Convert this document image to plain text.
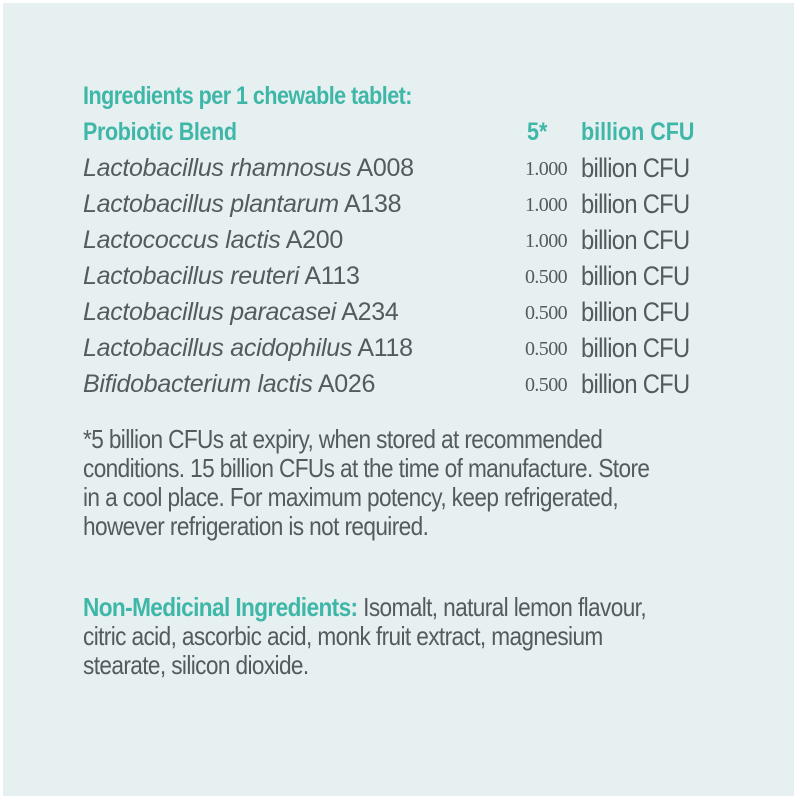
Ingredients per 1 chewable tablet:
Probiotic Blend	5* billion CFU
Lactobacillus rhamnosus A008	1.000 billion CFU
Lactobacillus plantarum A138	1.000 billion CFU
Lactococcus lactis A200	1.000 billion CFU
Lactobacillus reuteri A113	0.500 billion CFU
Lactobacillus paracasei A234	0.500 billion CFU
Lactobacillus acidophilus A118	0.500 billion CFU
Bifidobacterium lactis A026	0.500 billion CFU
*5 billion CFUs at expiry, when stored at recommended
conditions. 15 billion CFUs at the time of manufacture. Store
in a cool place. For maximum potency, keep refrigerated,
however refrigeration is not required.
Non-Medicinal Ingredients: Isomalt, natural lemon flavour,
citric acid, ascorbic acid, monk fruit extract, magnesium
stearate, silicon dioxide.
